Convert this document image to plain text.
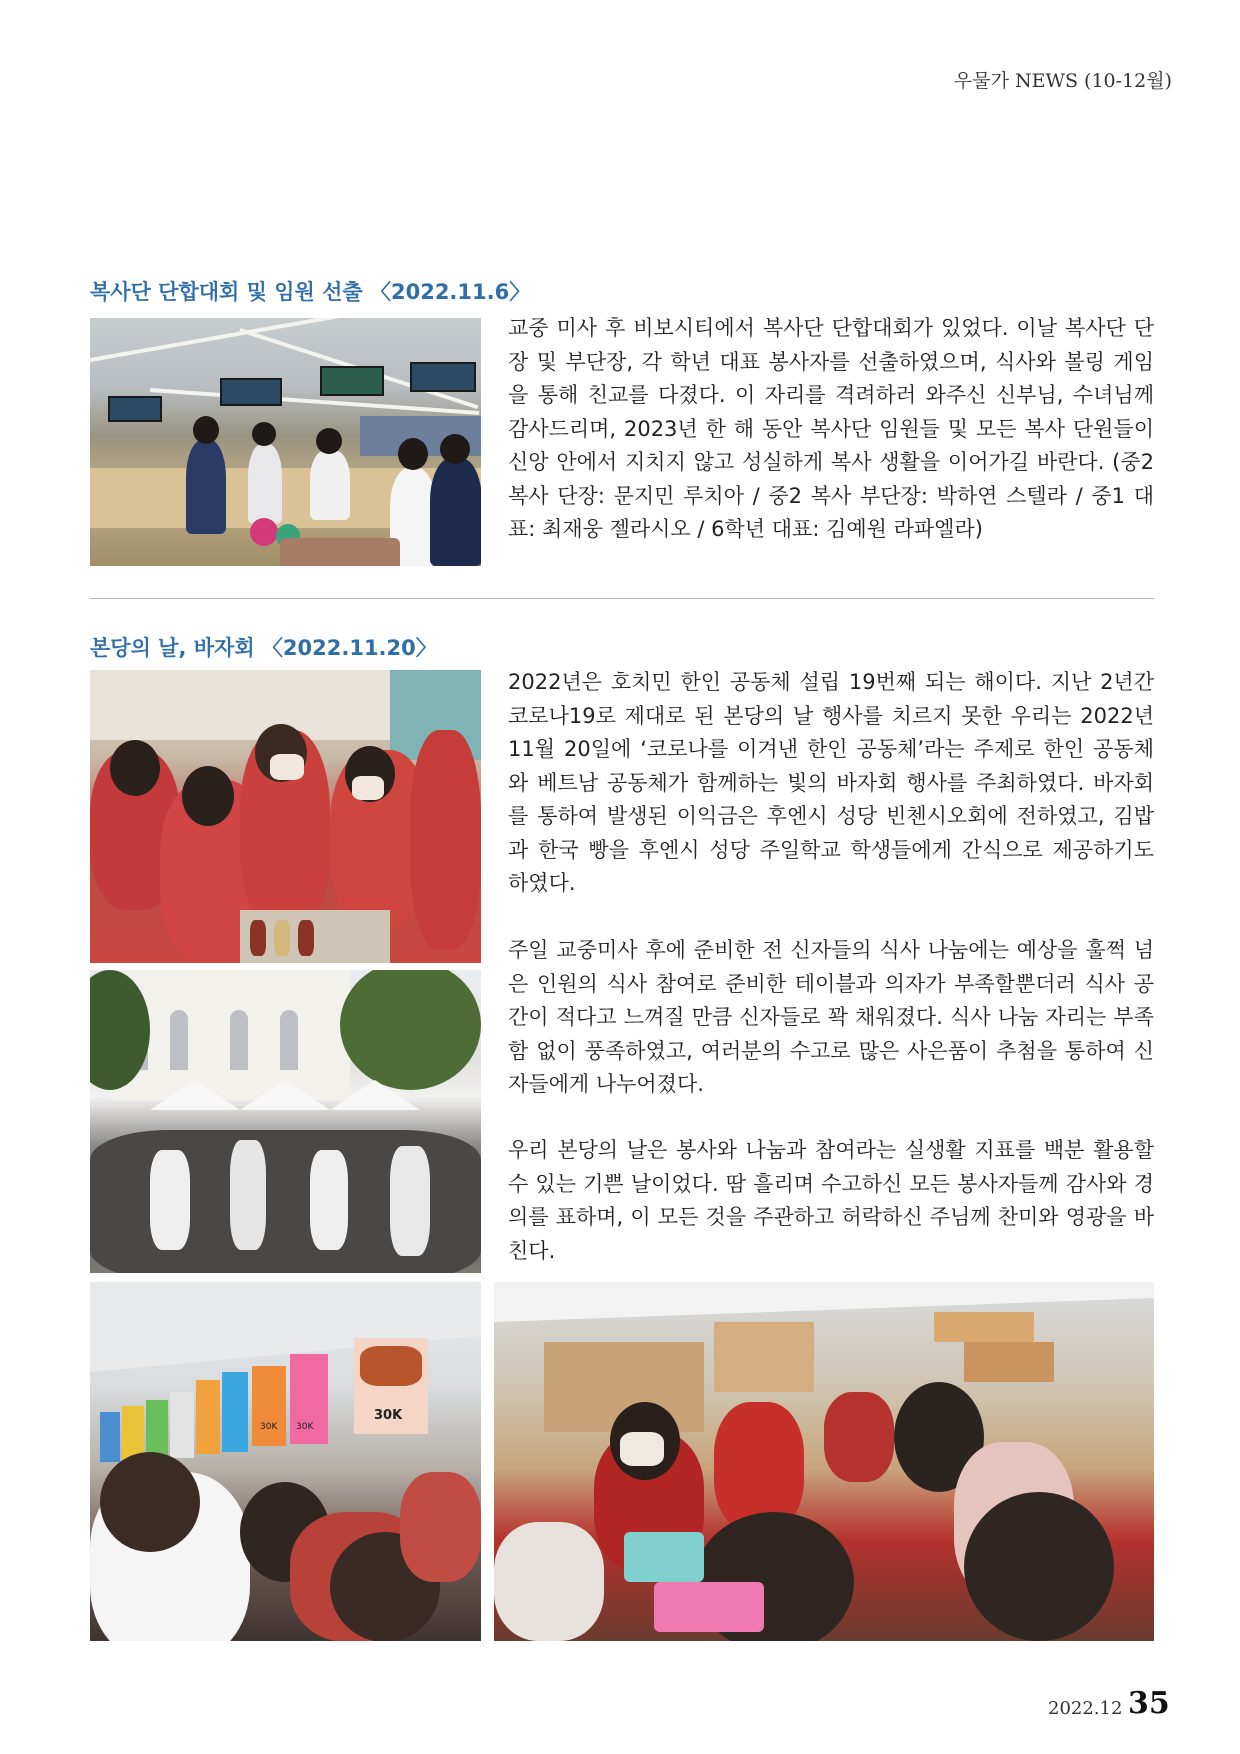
우물가 NEWS (10-12월)
복사단 단합대회 및 임원 선출 〈2022.11.6〉
교중 미사 후 비보시티에서 복사단 단합대회가 있었다. 이날 복사단 단장 및 부단장, 각 학년 대표 봉사자를 선출하였으며, 식사와 볼링 게임을 통해 친교를 다졌다. 이 자리를 격려하러 와주신 신부님, 수녀님께 감사드리며, 2023년 한 해 동안 복사단 임원들 및 모든 복사 단원들이 신앙 안에서 지치지 않고 성실하게 복사 생활을 이어가길 바란다. (중2 복사 단장: 문지민 루치아 / 중2 복사 부단장: 박하연 스텔라 / 중1 대표: 최재웅 젤라시오 / 6학년 대표: 김예원 라파엘라)
본당의 날, 바자회 〈2022.11.20〉
2022년은 호치민 한인 공동체 설립 19번째 되는 해이다. 지난 2년간 코로나19로 제대로 된 본당의 날 행사를 치르지 못한 우리는 2022년 11월 20일에 ‘코로나를 이겨낸 한인 공동체’라는 주제로 한인 공동체와 베트남 공동체가 함께하는 빛의 바자회 행사를 주최하였다. 바자회를 통하여 발생된 이익금은 후엔시 성당 빈첸시오회에 전하였고, 김밥과 한국 빵을 후엔시 성당 주일학교 학생들에게 간식으로 제공하기도 하였다.
주일 교중미사 후에 준비한 전 신자들의 식사 나눔에는 예상을 훌쩍 넘은 인원의 식사 참여로 준비한 테이블과 의자가 부족할뿐더러 식사 공간이 적다고 느껴질 만큼 신자들로 꽉 채워졌다. 식사 나눔 자리는 부족함 없이 풍족하였고, 여러분의 수고로 많은 사은품이 추첨을 통하여 신자들에게 나누어졌다.
우리 본당의 날은 봉사와 나눔과 참여라는 실생활 지표를 백분 활용할 수 있는 기쁜 날이었다. 땀 흘리며 수고하신 모든 봉사자들께 감사와 경의를 표하며, 이 모든 것을 주관하고 허락하신 주님께 찬미와 영광을 바친다.
30K	30K
30K
2022.12 35
